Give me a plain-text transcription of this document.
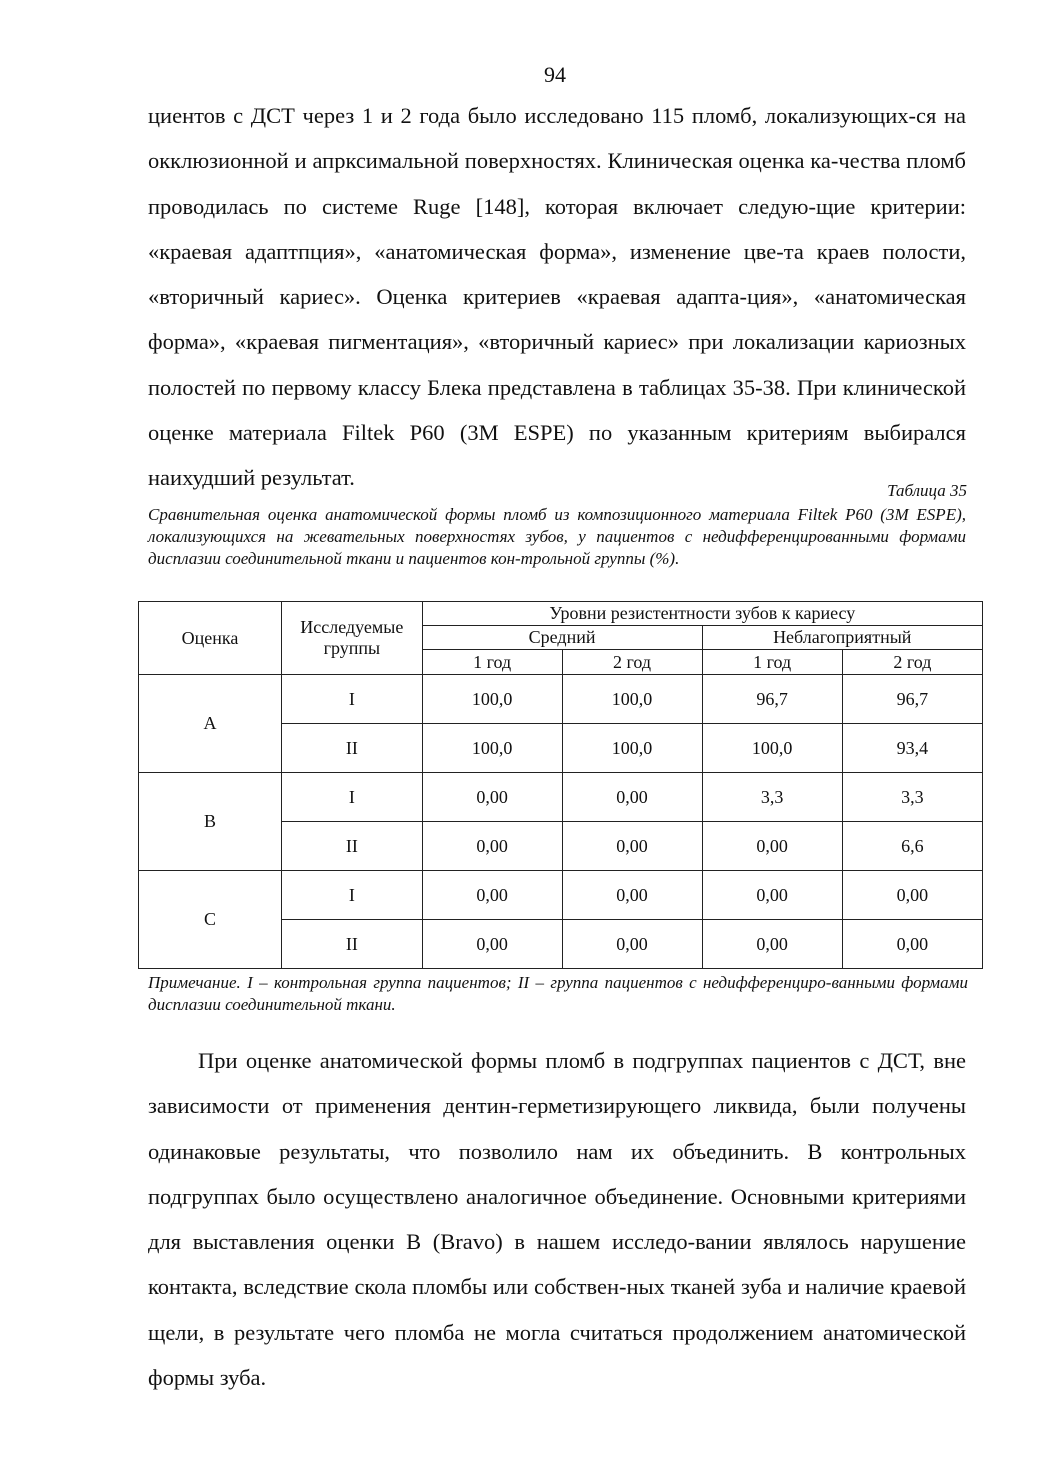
94

циентов с ДСТ через 1 и 2 года было исследовано 115 пломб, локализующих-ся на окклюзионной и апрксимальной поверхностях. Клиническая оценка ка-чества пломб проводилась по системе Ruge [148], которая включает следую-щие критерии: «краевая адаптпция», «анатомическая форма», изменение цве-та краев полости, «вторичный кариес». Оценка критериев «краевая адапта-ция», «анатомическая форма», «краевая пигментация», «вторичный кариес» при локализации кариозных полостей по первому классу Блека представлена в таблицах 35-38. При клинической оценке материала Filtek P60 (3M ESPE) по указанным критериям выбирался наихудший результат.

Таблица 35

Сравнительная оценка анатомической формы пломб из композиционного материала Filtek P60 (3M ESPE), локализующихся на жевательных поверхностях зубов, у пациентов с недифференцированными формами дисплазии соединительной ткани и пациентов кон-трольной группы (%).

Оценка	Исследуемые группы	Уровни резистентности зубов к кариесу			
		Средний		Неблагоприятный	
		1 год	2 год	1 год	2 год
A	I	100,0	100,0	96,7	96,7
	II	100,0	100,0	100,0	93,4
B	I	0,00	0,00	3,3	3,3
	II	0,00	0,00	0,00	6,6
C	I	0,00	0,00	0,00	0,00
	II	0,00	0,00	0,00	0,00

Примечание. I – контрольная группа пациентов; II – группа пациентов с недифференциро-ванными формами дисплазии соединительной ткани.

При оценке анатомической формы пломб в подгруппах пациентов с ДСТ, вне зависимости от применения дентин-герметизирующего ликвида, были получены одинаковые результаты, что позволило нам их объединить. В контрольных подгруппах было осуществлено аналогичное объединение. Основными критериями для выставления оценки В (Bravo) в нашем исследо-вании являлось нарушение контакта, вследствие скола пломбы или собствен-ных тканей зуба и наличие краевой щели, в результате чего пломба не могла считаться продолжением анатомической формы зуба.
